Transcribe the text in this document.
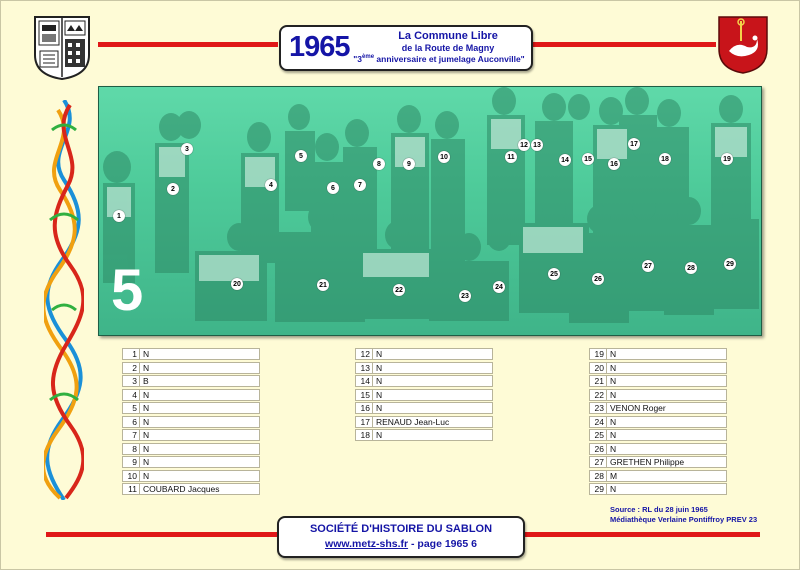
1965	La Commune Libre
de la Route de Magny
"3ème anniversaire et jumelage Auconville"
5
1
2
3
4
5
6	7
8	9
10	11
12 13
14	15
16
17
18	19
20	21
22
23
24
25
26
27	28
29
1 N
2 N
3 B
4 N
5 N
6 N
7 N
8 N
9 N
10 N
11 COUBARD Jacques
12 N
13 N
14 N
15 N
16 N
17 RENAUD Jean-Luc
18 N
19 N
20 N
21 N
22 N
23 VENON Roger
24 N
25 N
26 N
27 GRETHEN Philippe
28 M
29 N
Source : RL du 28 juin 1965
Médiathèque Verlaine Pontiffroy PREV 23
SOCIÉTÉ D'HISTOIRE DU SABLON
www.metz-shs.fr - page 1965 6
